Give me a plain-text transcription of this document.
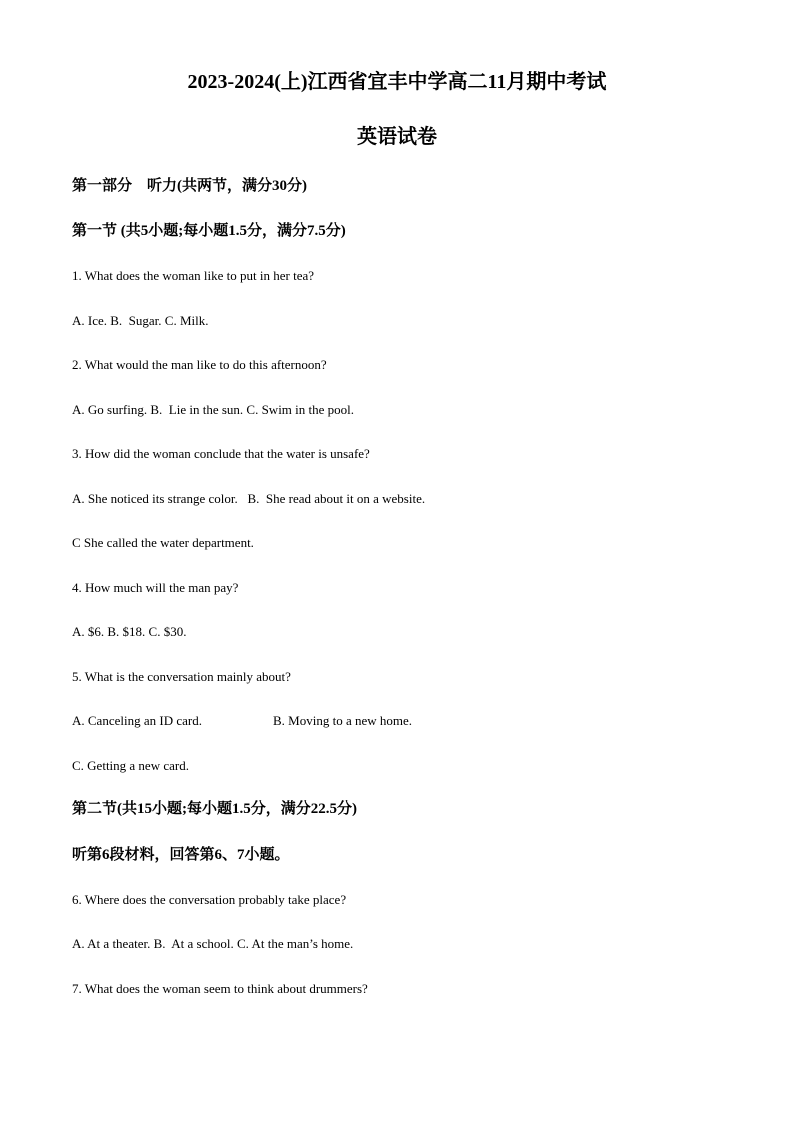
2023-2024(上)江西省宜丰中学高二11月期中考试
英语试卷
第一部分　听力(共两节，满分30分)
第一节 (共5小题;每小题1.5分，满分7.5分)
1. What does the woman like to put in her tea?
A. Ice. B.  Sugar. C. Milk.
2. What would the man like to do this afternoon?
A. Go surfing. B.  Lie in the sun. C. Swim in the pool.
3. How did the woman conclude that the water is unsafe?
A. She noticed its strange color.   B.  She read about it on a website.
C She called the water department.
4. How much will the man pay?
A. $6. B. $18. C. $30.
5. What is the conversation mainly about?
A. Canceling an ID card.	B. Moving to a new home.
C. Getting a new card.
第二节(共15小题;每小题1.5分，满分22.5分)
听第6段材料，回答第6、7小题。
6. Where does the conversation probably take place?
A. At a theater. B.  At a school. C. At the man’s home.
7. What does the woman seem to think about drummers?
